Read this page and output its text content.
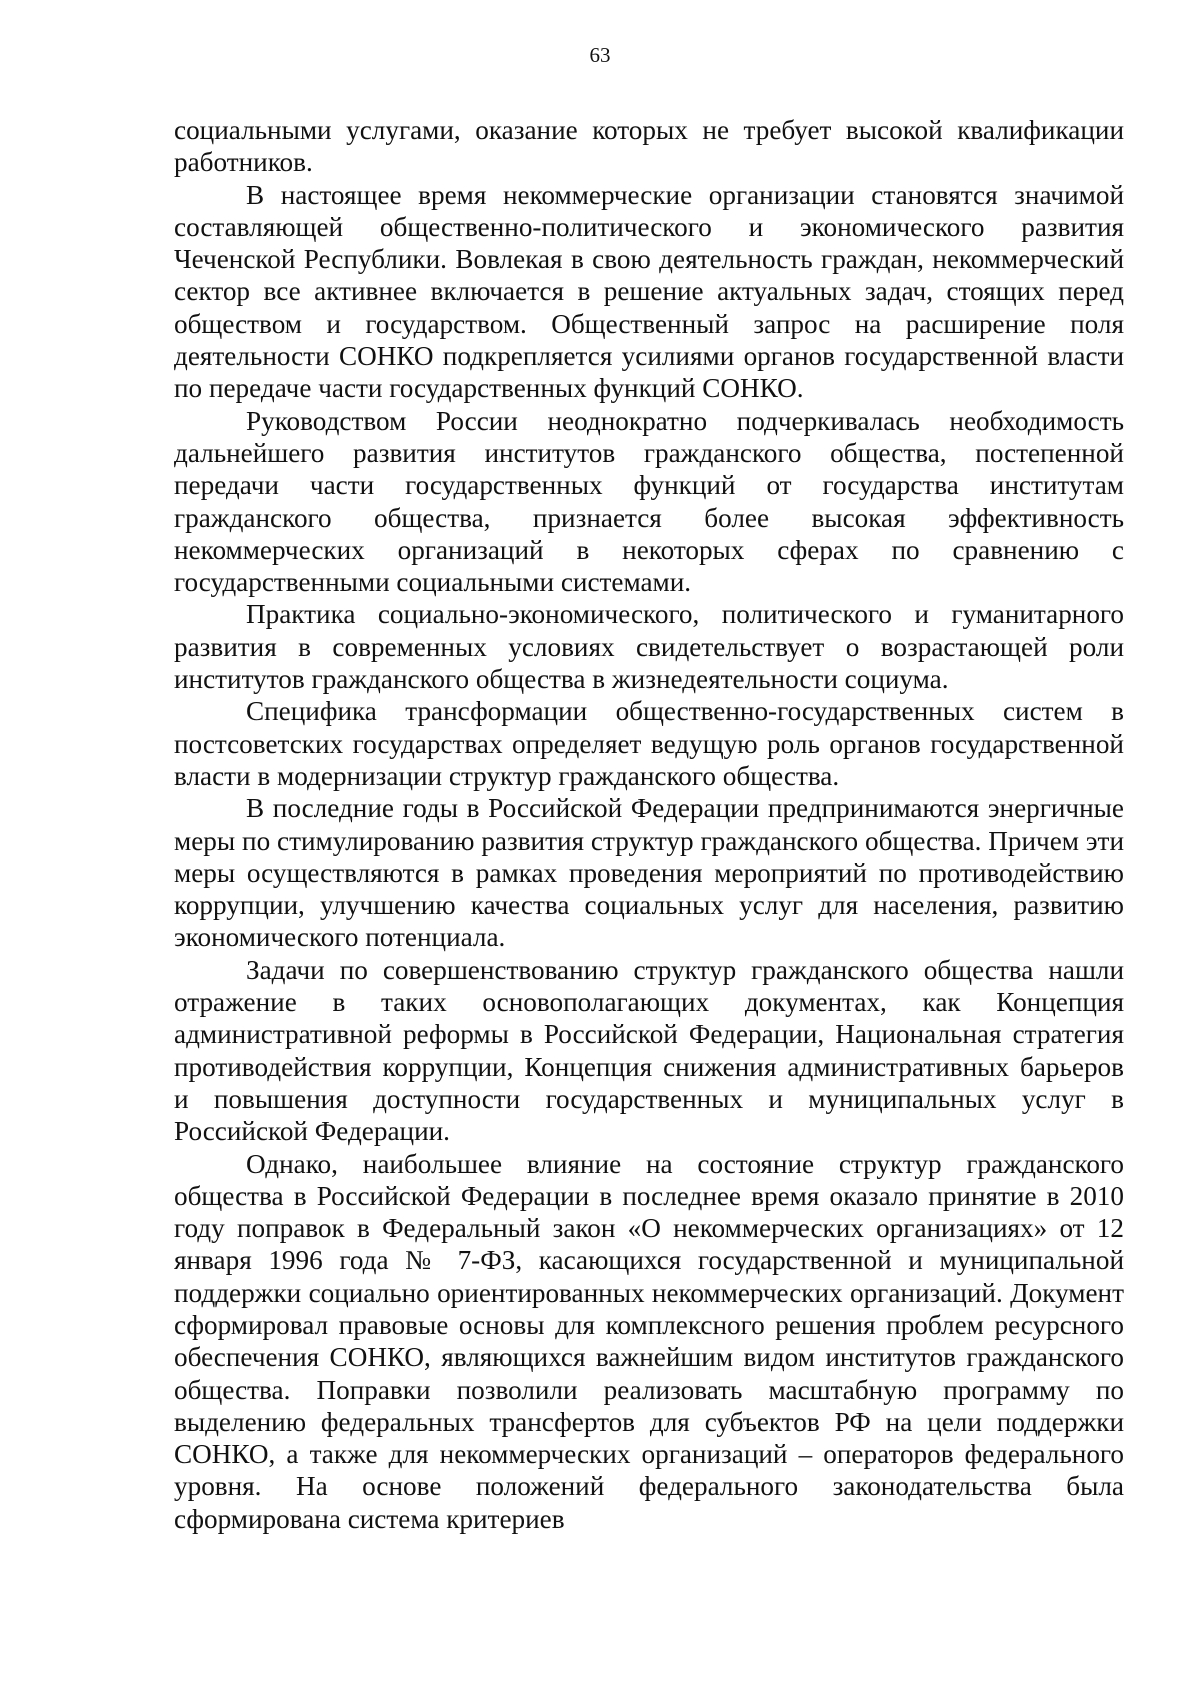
63

социальными услугами, оказание которых не требует высокой квалификации работников.

В настоящее время некоммерческие организации становятся значимой составляющей общественно-политического и экономического развития Чеченской Республики. Вовлекая в свою деятельность граждан, некоммерческий сектор все активнее включается в решение актуальных задач, стоящих перед обществом и государством. Общественный запрос на расширение поля деятельности СОНКО подкрепляется усилиями органов государственной власти по передаче части государственных функций СОНКО.

Руководством России неоднократно подчеркивалась необходимость дальнейшего развития институтов гражданского общества, постепенной передачи части государственных функций от государства институтам гражданского общества, признается более высокая эффективность некоммерческих организаций в некоторых сферах по сравнению с государственными социальными системами.

Практика социально-экономического, политического и гуманитарного развития в современных условиях свидетельствует о возрастающей роли институтов гражданского общества в жизнедеятельности социума.

Специфика трансформации общественно-государственных систем в постсоветских государствах определяет ведущую роль органов государственной власти в модернизации структур гражданского общества.

В последние годы в Российской Федерации предпринимаются энергичные меры по стимулированию развития структур гражданского общества. Причем эти меры осуществляются в рамках проведения мероприятий по противодействию коррупции, улучшению качества социальных услуг для населения, развитию экономического потенциала.

Задачи по совершенствованию структур гражданского общества нашли отражение в таких основополагающих документах, как Концепция административной реформы в Российской Федерации, Национальная стратегия противодействия коррупции, Концепция снижения административных барьеров и повышения доступности государственных и муниципальных услуг в Российской Федерации.

Однако, наибольшее влияние на состояние структур гражданского общества в Российской Федерации в последнее время оказало принятие в 2010 году поправок в Федеральный закон «О некоммерческих организациях» от 12 января 1996 года № 7-ФЗ, касающихся государственной и муниципальной поддержки социально ориентированных некоммерческих организаций. Документ сформировал правовые основы для комплексного решения проблем ресурсного обеспечения СОНКО, являющихся важнейшим видом институтов гражданского общества. Поправки позволили реализовать масштабную программу по выделению федеральных трансфертов для субъектов РФ на цели поддержки СОНКО, а также для некоммерческих организаций – операторов федерального уровня. На основе положений федерального законодательства была сформирована система критериев
